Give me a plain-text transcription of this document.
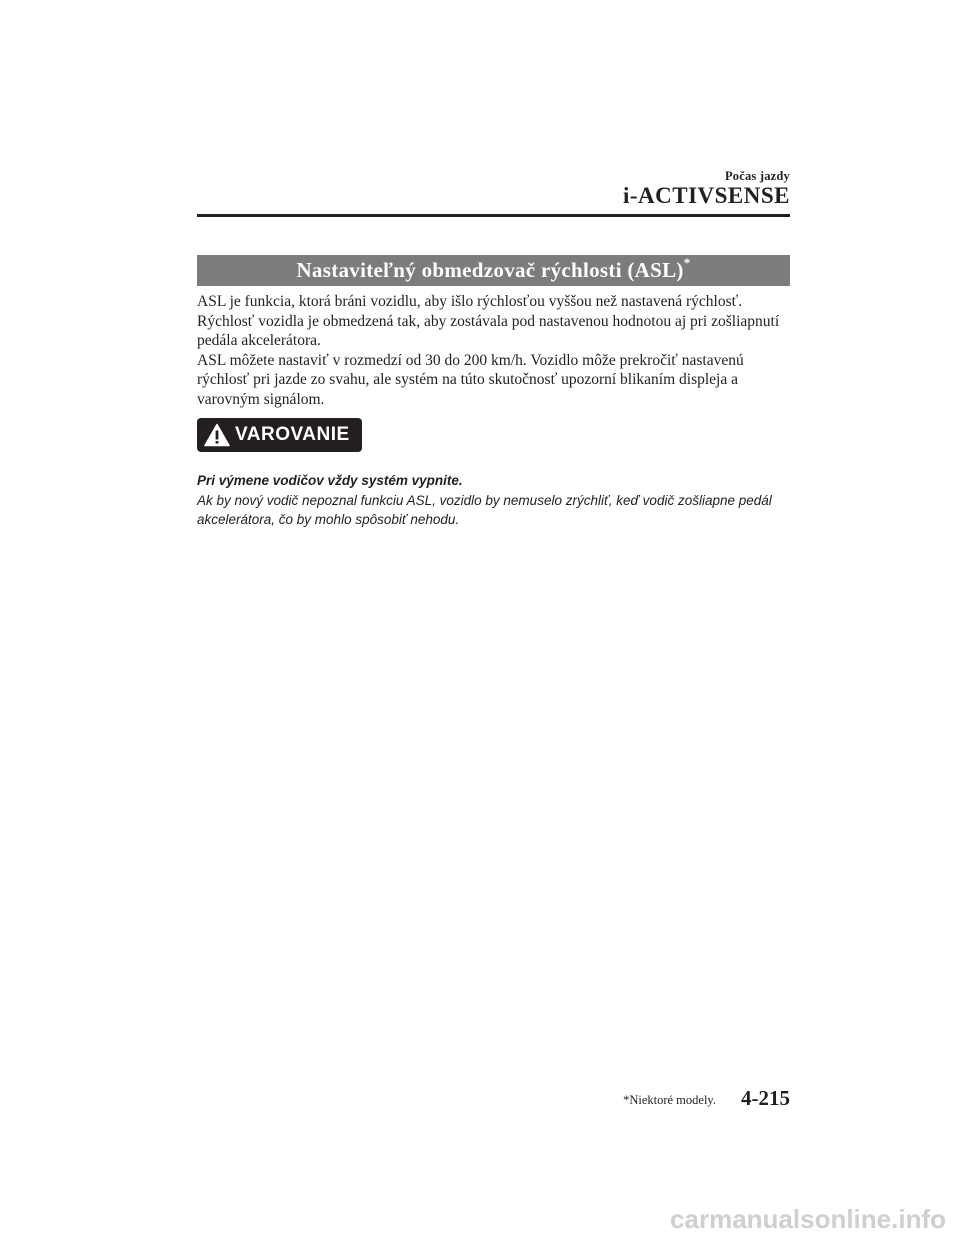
Počas jazdy
i-ACTIVSENSE
Nastaviteľný obmedzovač rýchlosti (ASL)*

ASL je funkcia, ktorá bráni vozidlu, aby išlo rýchlosťou vyššou než nastavená rýchlosť. Rýchlosť vozidla je obmedzená tak, aby zostávala pod nastavenou hodnotou aj pri zošliapnutí pedála akcelerátora.

ASL môžete nastaviť v rozmedzí od 30 do 200 km/h. Vozidlo môže prekročiť nastavenú rýchlosť pri jazde zo svahu, ale systém na túto skutočnosť upozorní blikaním displeja a varovným signálom.

VAROVANIE

Pri výmene vodičov vždy systém vypnite.

Ak by nový vodič nepoznal funkciu ASL, vozidlo by nemuselo zrýchliť, keď vodič zošliapne pedál akcelerátora, čo by mohlo spôsobiť nehodu.

*Niektoré modely. 4-215
carmanualsonline.info
